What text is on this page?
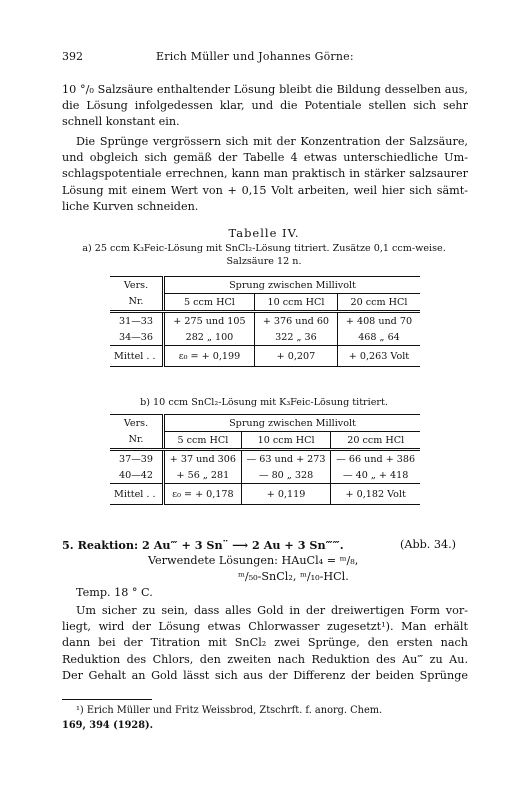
392	Erich Müller und Johannes Görne:
10 °/₀ Salzsäure enthaltender Lösung bleibt die Bildung desselben aus,
die Lösung infolgedessen klar, und die Potentiale stellen sich sehr
schnell konstant ein.
Die Sprünge vergrössern sich mit der Konzentration der Salzsäure,
und obgleich sich gemäß der Tabelle 4 etwas unterschiedliche Um-
schlagspotentiale errechnen, kann man praktisch in stärker salzsaurer
Lösung mit einem Wert von + 0,15 Volt arbeiten, weil hier sich sämt-
liche Kurven schneiden.
Tabelle IV.
a) 25 ccm K₃Feic-Lösung mit SnCl₂-Lösung titriert. Zusätze 0,1 ccm-weise.
Salzsäure 12 n.
Vers.	Sprung zwischen Millivolt		
Nr.	5 ccm HCl	10 ccm HCl	20 ccm HCl
31—33	+ 275 und 105	+ 376 und 60	+ 408 und 70
34—36	282 „ 100	322 „ 36	468 „ 64
Mittel . .	ε₀ = + 0,199	+ 0,207	+ 0,263 Volt
b) 10 ccm SnCl₂-Lösung mit K₃Feic-Lösung titriert.
Vers.	Sprung zwischen Millivolt		
Nr.	5 ccm HCl	10 ccm HCl	20 ccm HCl
37—39	+ 37 und 306	— 63 und + 273	— 66 und + 386
40—42	+ 56 „ 281	— 80 „ 328	— 40 „ + 418
Mittel . .	ε₀ = + 0,178	+ 0,119	+ 0,182 Volt
5. Reaktion: 2 Au‴ + 3 Sn¨ ⟶ 2 Au + 3 Sn‴‴.	(Abb. 34.)
Verwendete Lösungen: HAuCl₄ = ᵐ/₈,
ᵐ/₅₀-SnCl₂, ᵐ/₁₀-HCl.
Temp. 18 ° C.
Um sicher zu sein, dass alles Gold in der dreiwertigen Form vor-
liegt, wird der Lösung etwas Chlorwasser zugesetzt¹). Man erhält
dann bei der Titration mit SnCl₂ zwei Sprünge, den ersten nach
Reduktion des Chlors, den zweiten nach Reduktion des Au‴ zu Au.
Der Gehalt an Gold lässt sich aus der Differenz der beiden Sprünge
¹) Erich Müller und Fritz Weissbrod, Ztschrft. f. anorg. Chem.
169, 394 (1928).
